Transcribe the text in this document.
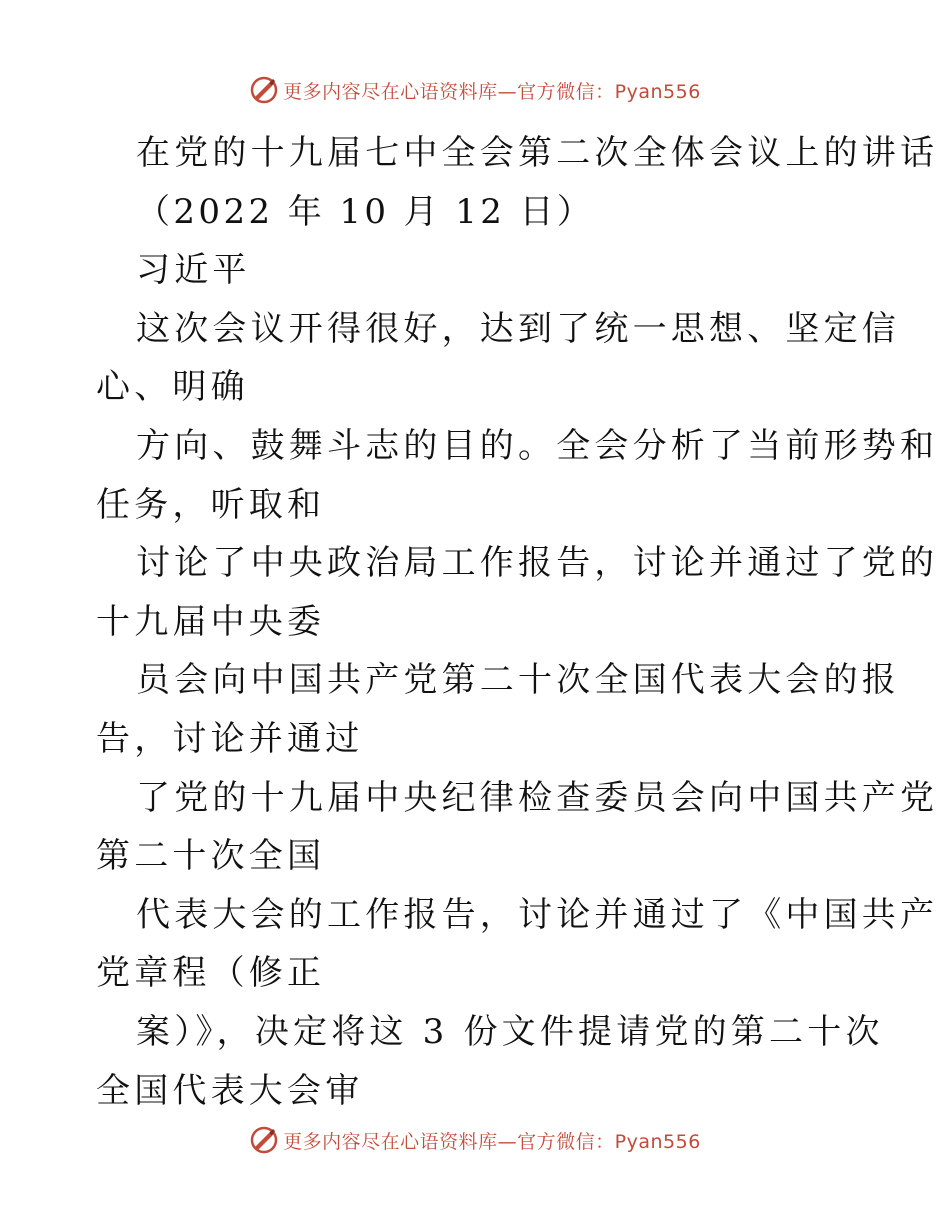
更多内容尽在心语资料库—官方微信：Pyan556
在党的十九届七中全会第二次全体会议上的讲话
（2022 年 10 月 12 日）
习近平
这次会议开得很好，达到了统一思想、坚定信
心、明确
方向、鼓舞斗志的目的。全会分析了当前形势和
任务，听取和
讨论了中央政治局工作报告，讨论并通过了党的
十九届中央委
员会向中国共产党第二十次全国代表大会的报
告，讨论并通过
了党的十九届中央纪律检查委员会向中国共产党
第二十次全国
代表大会的工作报告，讨论并通过了《中国共产
党章程（修正
案）》，决定将这 3 份文件提请党的第二十次
全国代表大会审
更多内容尽在心语资料库—官方微信：Pyan556
